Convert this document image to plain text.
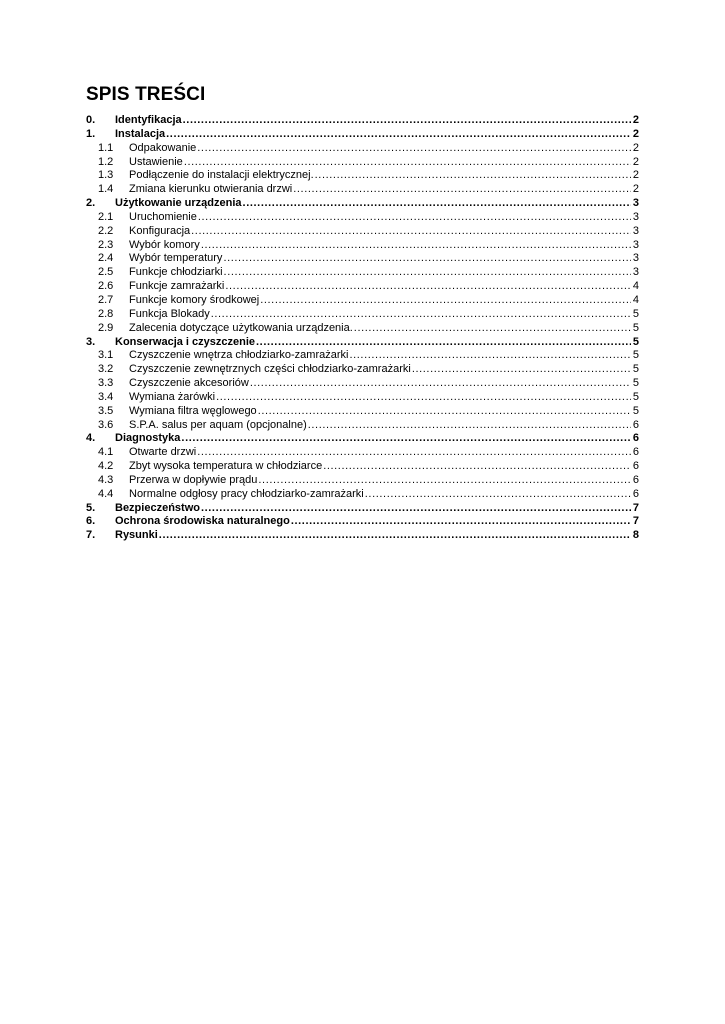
SPIS TREŚCI
0.	Identyfikacja .....	2
1.	Instalacja .....	2
1.1	Odpakowanie .....	2
1.2	Ustawienie .....	2
1.3	Podłączenie do instalacji elektrycznej. .....	2
1.4	Zmiana kierunku otwierania drzwi .....	2
2.	Użytkowanie urządzenia .....	3
2.1	Uruchomienie .....	3
2.2	Konfiguracja .....	3
2.3	Wybór komory .....	3
2.4	Wybór temperatury .....	3
2.5	Funkcje chłodziarki .....	3
2.6	Funkcje zamrażarki .....	4
2.7	Funkcje komory środkowej .....	4
2.8	Funkcja Blokady .....	5
2.9	Zalecenia dotyczące użytkowania urządzenia. .....	5
3.	Konserwacja i czyszczenie .....	5
3.1	Czyszczenie wnętrza chłodziarko-zamrażarki .....	5
3.2	Czyszczenie zewnętrznych części chłodziarko-zamrażarki .....	5
3.3	Czyszczenie akcesoriów .....	5
3.4	Wymiana żarówki .....	5
3.5	Wymiana filtra węglowego .....	5
3.6	S.P.A. salus per aquam (opcjonalne) .....	6
4.	Diagnostyka .....	6
4.1	Otwarte drzwi .....	6
4.2	Zbyt wysoka temperatura w chłodziarce .....	6
4.3	Przerwa w dopływie prądu .....	6
4.4	Normalne odgłosy pracy chłodziarko-zamrażarki .....	6
5.	Bezpieczeństwo .....	7
6.	Ochrona środowiska naturalnego .....	7
7.	Rysunki .....	8
